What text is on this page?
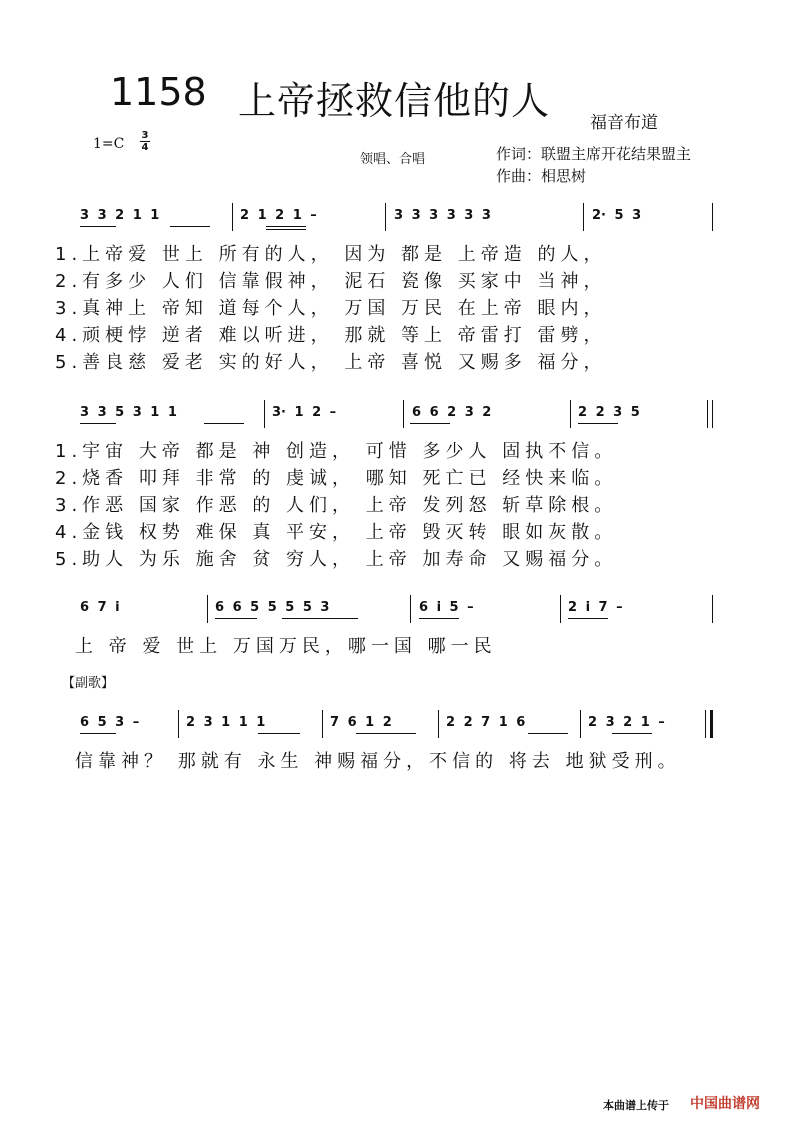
1158 上帝拯救信他的人 福音布道
1=C
3
4
领唱、合唱	作词：联盟主席开花结果盟主
作曲：相思树
3 3 2 1 1	2 1 2 1 –	3 3 3 3 3 3	2· 5 3
1.上帝爱 世上 所有的人， 因为 都是 上帝造 的人，
2.有多少 人们 信靠假神， 泥石 瓷像 买家中 当神，
3.真神上 帝知 道每个人， 万国 万民 在上帝 眼内，
4.顽梗悖 逆者 难以听进， 那就 等上 帝雷打 雷劈，
5.善良慈 爱老 实的好人， 上帝 喜悦 又赐多 福分，
3 3 5 3 1 1	3· 1 2 –	6 6 2 3 2	2 2 3 5
1.宇宙 大帝 都是 神 创造， 可惜 多少人 固执不信。
2.烧香 叩拜 非常 的 虔诚， 哪知 死亡已 经快来临。
3.作恶 国家 作恶 的 人们， 上帝 发列怒 斩草除根。
4.金钱 权势 难保 真 平安， 上帝 毁灭转 眼如灰散。
5.助人 为乐 施舍 贫 穷人， 上帝 加寿命 又赐福分。
6 7 i	6 6 5 5 5 5 3	6 i 5 –	2 i 7 –
上 帝 爱 世上 万国万民，哪一国 哪一民
【副歌】
6 5 3 –	2 3 1 1 1	7 6 1 2	2 2 7 1 6	2 3 2 1 –
信靠神？ 那就有 永生 神赐福分，不信的 将去 地狱受刑。
本曲谱上传于 中国曲谱网
